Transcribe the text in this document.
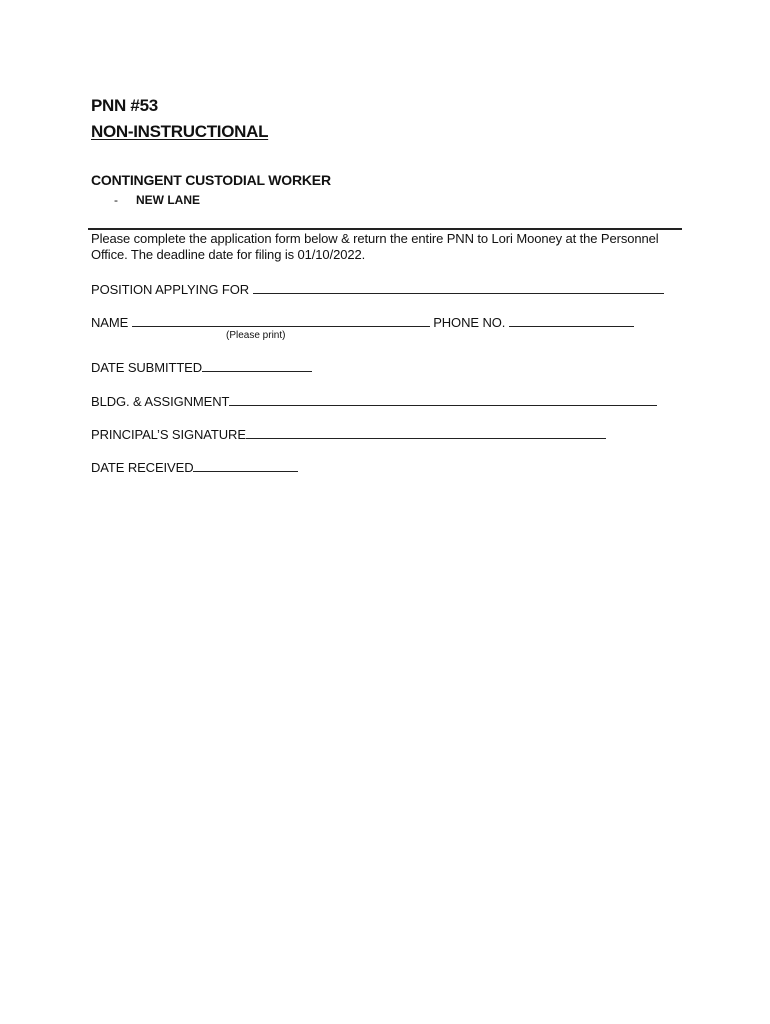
PNN #53
NON-INSTRUCTIONAL
CONTINGENT CUSTODIAL WORKER
- NEW LANE
Please complete the application form below & return the entire PNN to Lori Mooney at the Personnel Office. The deadline date for filing is 01/10/2022.
POSITION APPLYING FOR
NAME	PHONE NO.
(Please print)
DATE SUBMITTED
BLDG. & ASSIGNMENT
PRINCIPAL’S SIGNATURE
DATE RECEIVED
